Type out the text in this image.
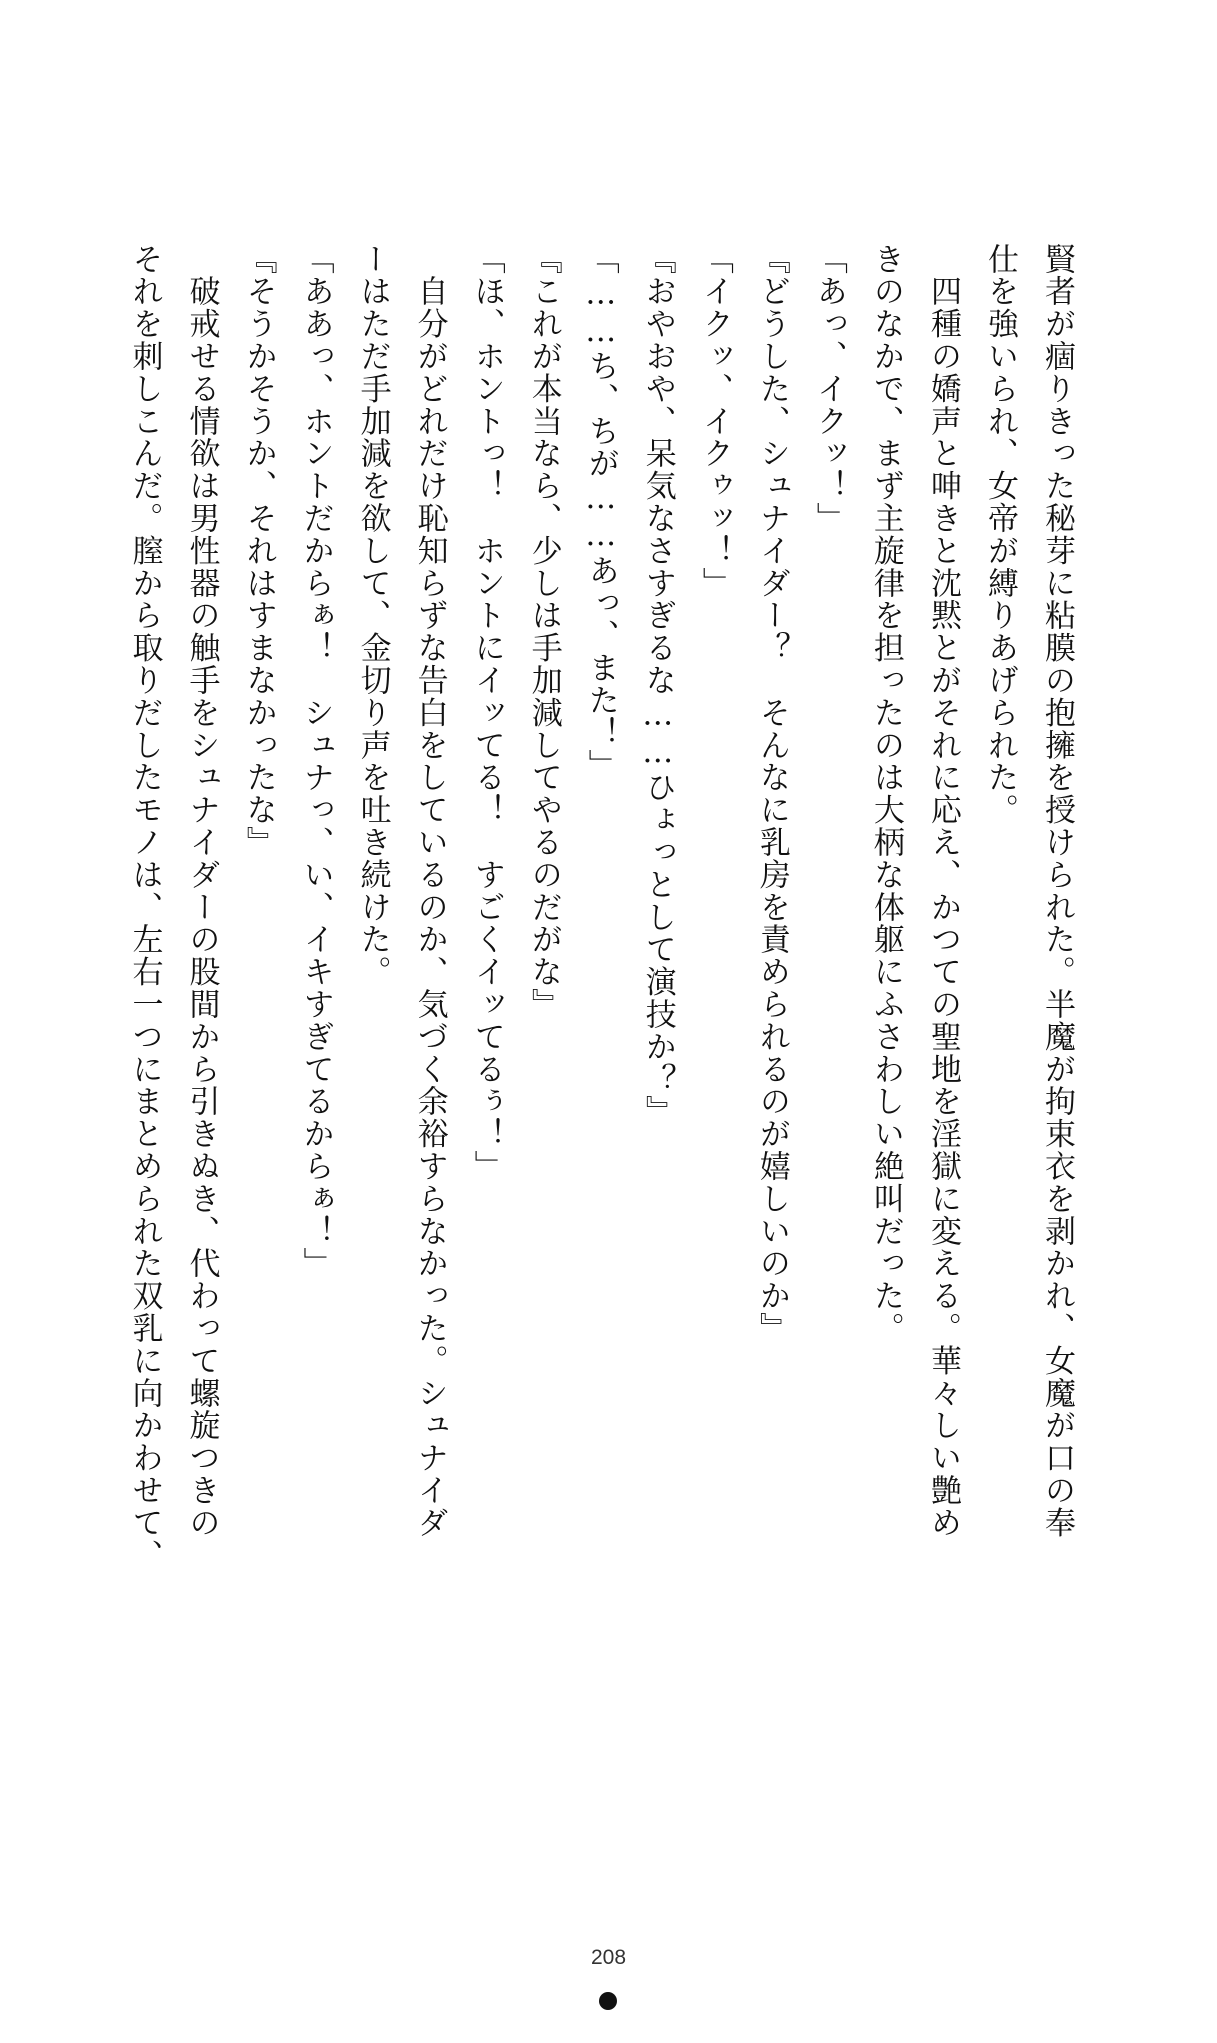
賢者が痼りきった秘芽に粘膜の抱擁を授けられた。半魔が拘束衣を剥かれ、女魔が口の奉
仕を強いられ、女帝が縛りあげられた。
　四種の嬌声と呻きと沈黙とがそれに応え、かつての聖地を淫獄に変える。華々しい艶め
きのなかで、まず主旋律を担ったのは大柄な体躯にふさわしい絶叫だった。
「あっ、イクッ！」
『どうした、シュナイダー？　そんなに乳房を責められるのが嬉しいのか』
「イクッ、イクゥッ！」
『おやおや、呆気なさすぎるな……ひょっとして演技か？』
「……ち、ちが……あっ、また！」
『これが本当なら、少しは手加減してやるのだがな』
「ほ、ホントっ！　ホントにイッてる！　すごくイッてるぅ！」
　自分がどれだけ恥知らずな告白をしているのか、気づく余裕すらなかった。シュナイダ
ーはただ手加減を欲して、金切り声を吐き続けた。
「ああっ、ホントだからぁ！　シュナっ、い、イキすぎてるからぁ！」
『そうかそうか、それはすまなかったな』
　破戒せる情欲は男性器の触手をシュナイダーの股間から引きぬき、代わって螺旋つきの
それを刺しこんだ。膣から取りだしたモノは、左右一つにまとめられた双乳に向かわせて、
208
